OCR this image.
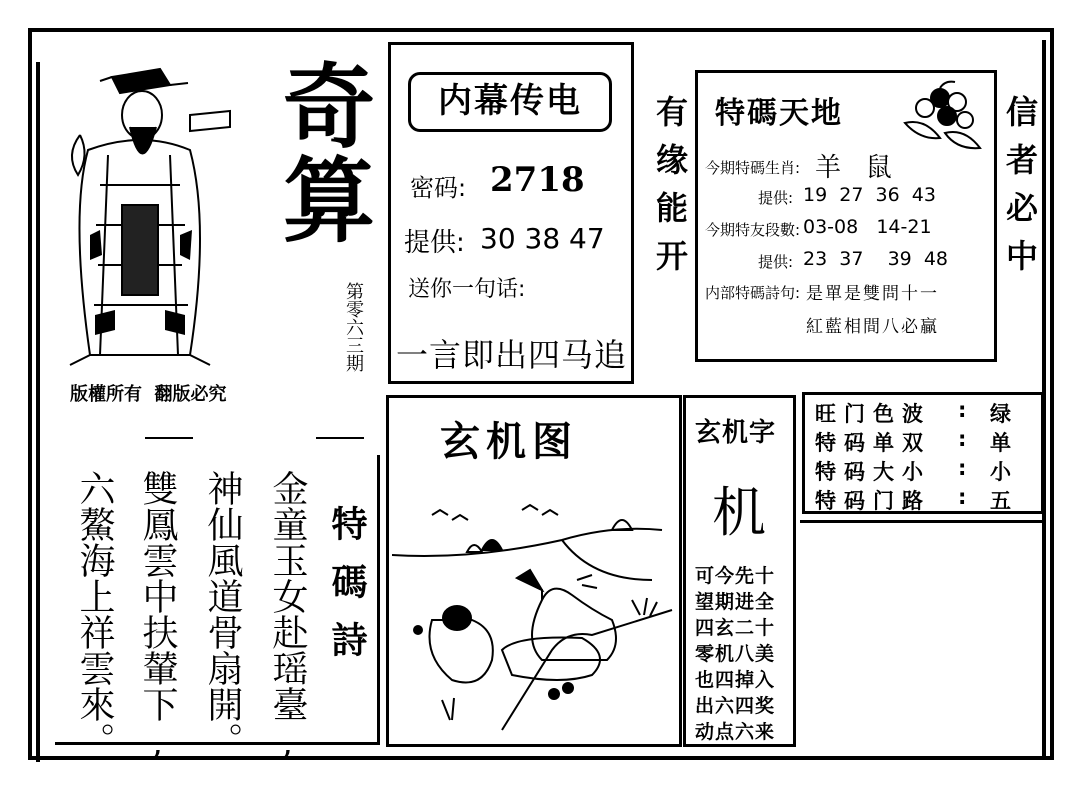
奇算
第零六三期
版權所有  翻版必究
特碼詩
金童玉女赴瑶臺,
神仙風道骨扇開。
雙鳳雲中扶輦下,
六鰲海上祥雲來。
内幕传电
密码: 2718
提供: 30 38 47
送你一句话:
一言即出四马追
有缘能开	信者必中
特碼天地
今期特碼生肖: 羊   鼠
提供: 19  27  36  43
今期特友段數: 03-08   14-21
提供: 23  37    39  48
内部特碼詩句: 是單是雙問十一
紅藍相間八必贏
玄机图	玄机字
机
可今先十
望期进全
四玄二十
零机八美
也四掉入
出六四奖
动点六来
旺门色波 : 绿
特码单双 : 单
特码大小 : 小
特码门路 : 五
